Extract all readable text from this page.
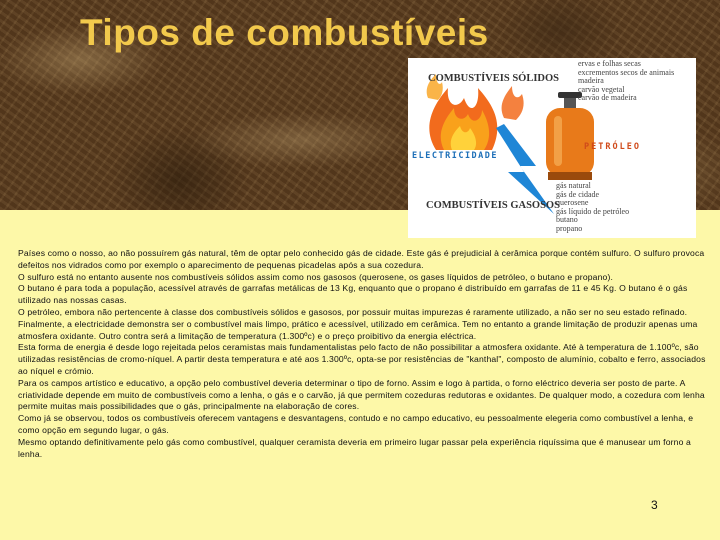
Tipos de combustíveis
COMBUSTÍVEIS SÓLIDOS
ervas e folhas secas
excrementos secos de animais
madeira
carvão vegetal
carvão de madeira
ELECTRICIDADE
PETRÓLEO
COMBUSTÍVEIS GASOSOS
gás natural
gás de cidade
querosene
gás líquido de petróleo
butano
propano

Países como o nosso, ao não possuírem gás natural, têm de optar pelo conhecido gás de cidade. Este gás é prejudicial à cerâmica porque contém sulfuro. O sulfuro provoca defeitos nos vidrados como por exemplo o aparecimento de pequenas picadelas após a sua cozedura.

O sulfuro está no entanto ausente nos combustíveis sólidos assim como nos gasosos (querosene, os gases líquidos de petróleo, o butano e propano).

O butano é para toda a população, acessível através de garrafas metálicas de 13 Kg, enquanto que o propano é distribuído em garrafas de 11 e 45 Kg. O butano é o gás utilizado nas nossas casas.

O petróleo, embora não pertencente à classe dos combustíveis sólidos e gasosos, por possuir muitas impurezas é raramente utilizado, a não ser no seu estado refinado.

Finalmente, a electricidade demonstra ser o combustível mais limpo, prático e acessível, utilizado em cerâmica. Tem no entanto a grande limitação de produzir apenas uma atmosfera oxidante. Outro contra será a limitação de temperatura (1.300ºc) e o preço proibitivo da energia eléctrica.

Esta forma de energia é desde logo rejeitada pelos ceramistas mais fundamentalistas pelo facto de não possibilitar a atmosfera oxidante. Até à temperatura de 1.100ºc, são utilizadas resistências de cromo-níquel. A partir desta temperatura e até aos 1.300ºc, opta-se por resistências de "kanthal", composto de alumínio, cobalto e ferro, associados ao níquel e crómio.

Para os campos artístico e educativo, a opção pelo combustível deveria determinar o tipo de forno. Assim e logo à partida, o forno eléctrico deveria ser posto de parte. A criatividade depende em muito de combustíveis como a lenha, o gás e o carvão, já que permitem cozeduras redutoras e oxidantes. De qualquer modo, a cozedura com lenha permite muitas mais possibilidades que o gás, principalmente na elaboração de cores.

Como já se observou, todos os combustíveis oferecem vantagens e desvantagens, contudo e no campo educativo, eu pessoalmente elegeria como combustível a lenha, e como opção em segundo lugar, o gás.

Mesmo optando definitivamente pelo gás como combustível, qualquer ceramista deveria em primeiro lugar passar pela experiência riquíssima que é manusear um forno a lenha.

3
